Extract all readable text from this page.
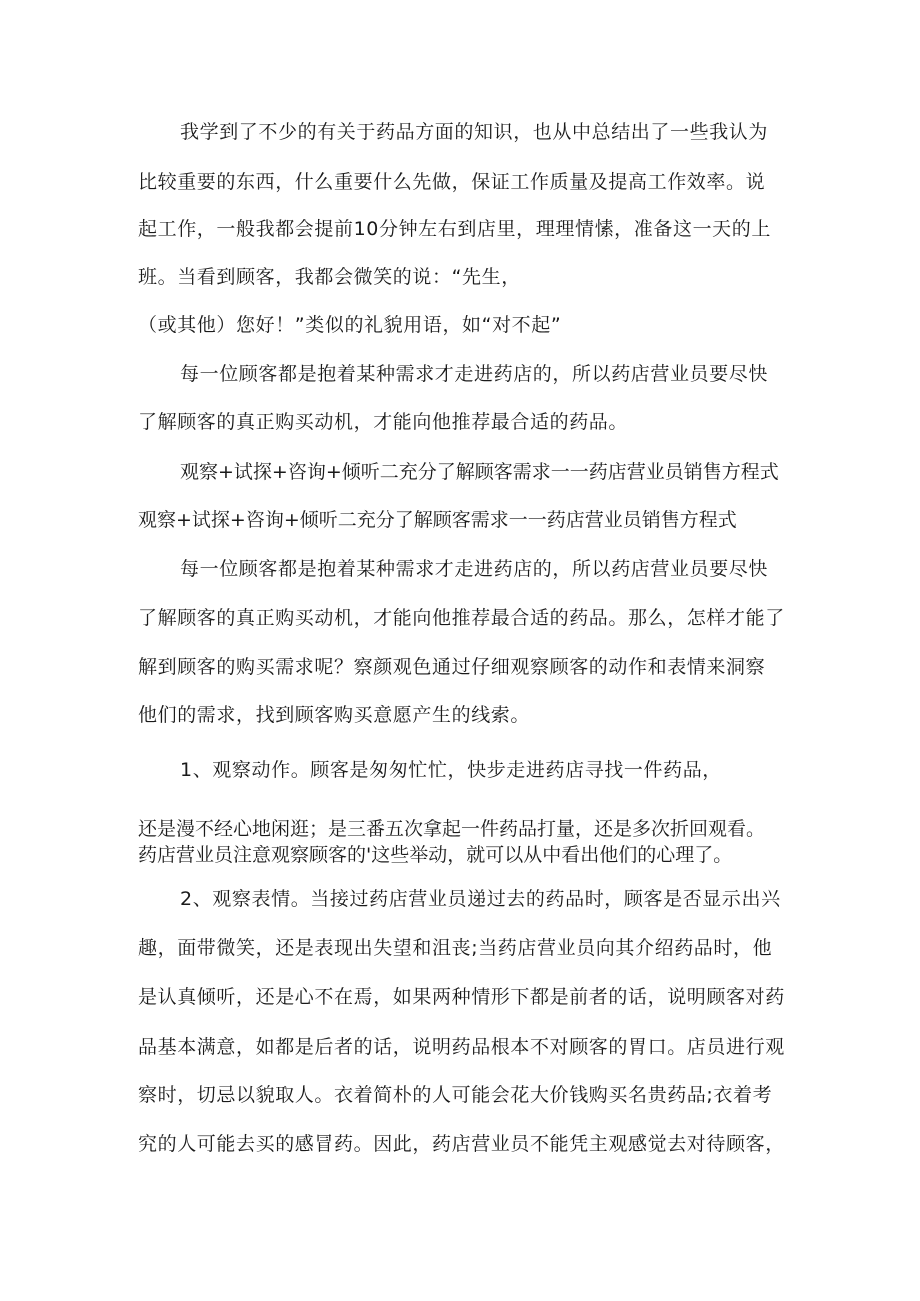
我学到了不少的有关于药品方面的知识，也从中总结出了一些我认为
比较重要的东西，什么重要什么先做，保证工作质量及提高工作效率。说
起工作，一般我都会提前10分钟左右到店里，理理情愫，准备这一天的上
班。当看到顾客，我都会微笑的说：“先生，
（或其他）您好！”类似的礼貌用语，如“对不起”
每一位顾客都是抱着某种需求才走进药店的，所以药店营业员要尽快
了解顾客的真正购买动机，才能向他推荐最合适的药品。
观察+试探+咨询+倾听二充分了解顾客需求一一药店营业员销售方程式
观察+试探+咨询+倾听二充分了解顾客需求一一药店营业员销售方程式
每一位顾客都是抱着某种需求才走进药店的，所以药店营业员要尽快
了解顾客的真正购买动机，才能向他推荐最合适的药品。那么，怎样才能了
解到顾客的购买需求呢？察颜观色通过仔细观察顾客的动作和表情来洞察
他们的需求，找到顾客购买意愿产生的线索。
1、观察动作。顾客是匆匆忙忙，快步走进药店寻找一件药品，
还是漫不经心地闲逛；是三番五次拿起一件药品打量，还是多次折回观看。
药店营业员注意观察顾客的'这些举动，就可以从中看出他们的心理了。
2、观察表情。当接过药店营业员递过去的药品时，顾客是否显示出兴
趣，面带微笑，还是表现出失望和沮丧;当药店营业员向其介绍药品时，他
是认真倾听，还是心不在焉，如果两种情形下都是前者的话，说明顾客对药
品基本满意，如都是后者的话，说明药品根本不对顾客的胃口。店员进行观
察时，切忌以貌取人。衣着简朴的人可能会花大价钱购买名贵药品;衣着考
究的人可能去买的感冒药。因此，药店营业员不能凭主观感觉去对待顾客，
